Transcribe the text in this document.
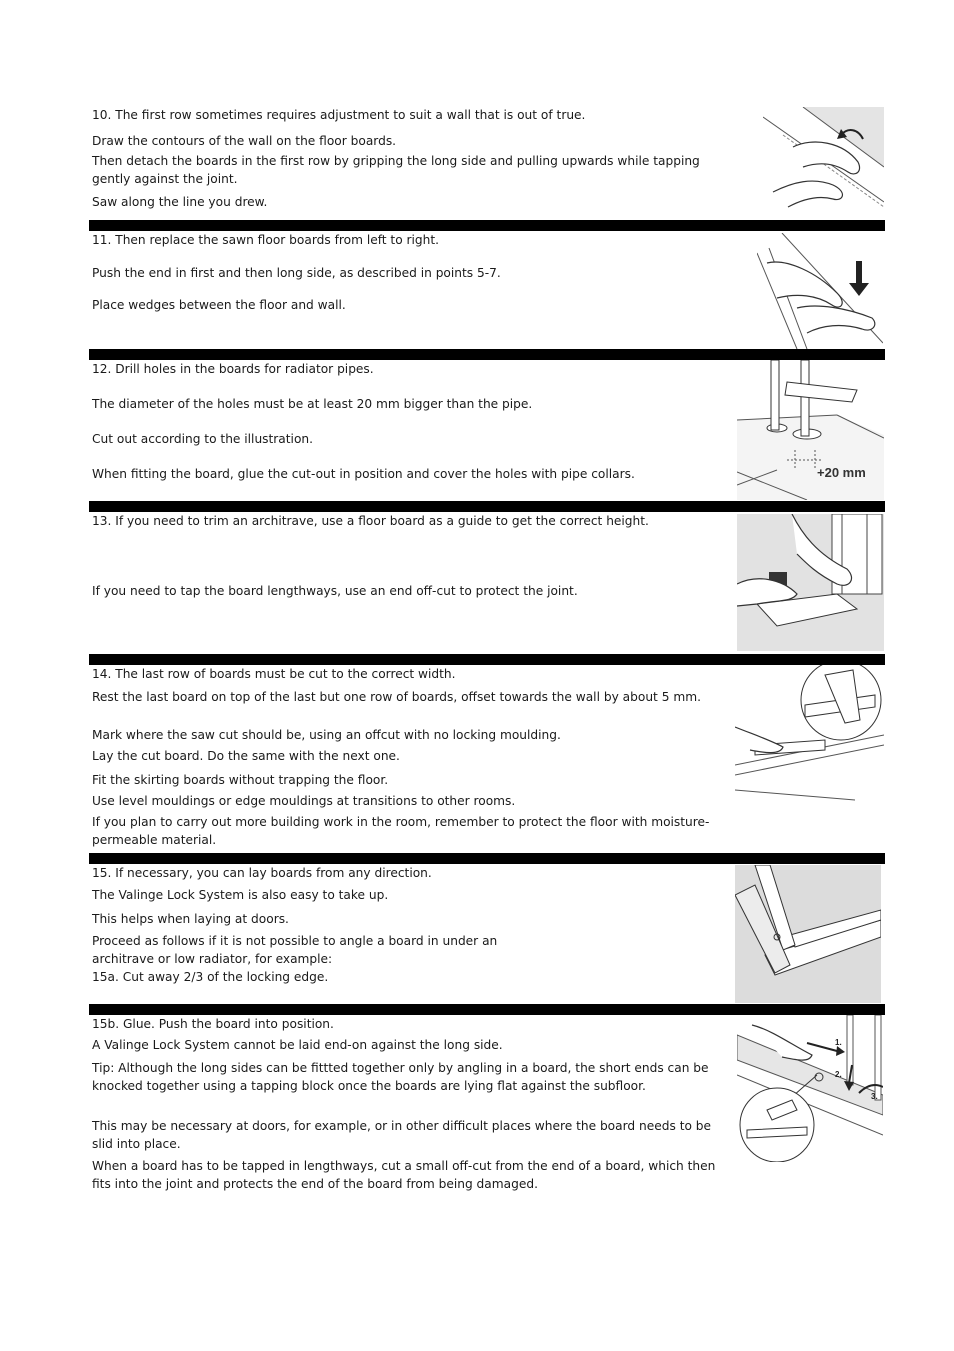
10. The first row sometimes requires adjustment to suit a wall that is out of true.
Draw the contours of the wall on the floor boards.
Then detach the boards in the first row by gripping the long side and pulling upwards while tapping gently against the joint.
Saw along the line you drew.
11. Then replace the sawn floor boards from left to right.
Push the end in first and then long side, as described in points 5-7.
Place wedges between the floor and wall.
12. Drill holes in the boards for radiator pipes.
The diameter of the holes must be at least 20 mm bigger than the pipe.
Cut out according to the illustration.
When fitting the board, glue the cut-out in position and cover the holes with pipe collars.	+20 mm
13. If you need to trim an architrave, use a floor board as a guide to get the correct height.
If you need to tap the board lengthways, use an end off-cut to protect the joint.
14. The last row of boards must be cut to the correct width.
Rest the last board on top of the last but one row of boards, offset towards the wall by about 5 mm.
Mark where the saw cut should be, using an offcut with no locking moulding.
Lay the cut board. Do the same with the next one.
Fit the skirting boards without trapping the floor.
Use level mouldings or edge mouldings at transitions to other rooms.
If you plan to carry out more building work in the room, remember to protect the floor with moisture-permeable material.
15. If necessary, you can lay boards from any direction.
The Valinge Lock System is also easy to take up.
This helps when laying at doors.
Proceed as follows if it is not possible to angle a board in under an
architrave or low radiator, for example:
15a. Cut away 2/3 of the locking edge.
15b. Glue. Push the board into position.
A Valinge Lock System cannot be laid end-on against the long side.
Tip: Although the long sides can be fittted together only by angling in a board, the short ends can be knocked together using a tapping block once the boards are lying flat against the subfloor.
This may be necessary at doors, for example, or in other difficult places where the board needs to be slid into place.
When a board has to be tapped in lengthways, cut a small off-cut from the end of a board, which then fits into the joint and protects the end of the board from being damaged.
1.
2.
3.
